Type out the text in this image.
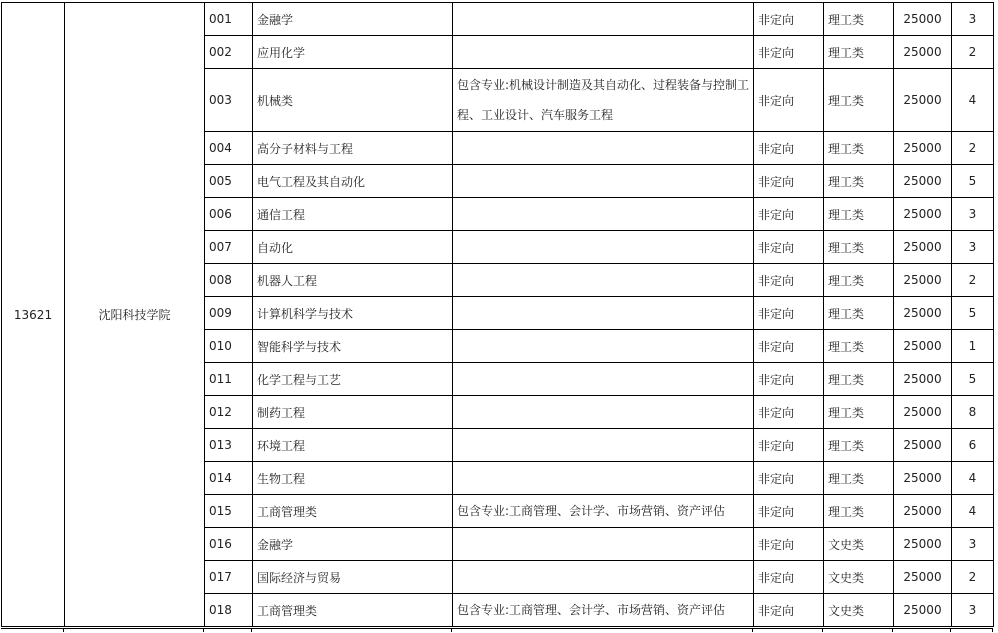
13621	沈阳科技学院	001	金融学		非定向	理工类	25000	3
		002	应用化学		非定向	理工类	25000	2
		003	机械类	包含专业:机械设计制造及其自动化、过程装备与控制工程、工业设计、汽车服务工程	非定向	理工类	25000	4
		004	高分子材料与工程		非定向	理工类	25000	2
		005	电气工程及其自动化		非定向	理工类	25000	5
		006	通信工程		非定向	理工类	25000	3
		007	自动化		非定向	理工类	25000	3
		008	机器人工程		非定向	理工类	25000	2
		009	计算机科学与技术		非定向	理工类	25000	5
		010	智能科学与技术		非定向	理工类	25000	1
		011	化学工程与工艺		非定向	理工类	25000	5
		012	制药工程		非定向	理工类	25000	8
		013	环境工程		非定向	理工类	25000	6
		014	生物工程		非定向	理工类	25000	4
		015	工商管理类	包含专业:工商管理、会计学、市场营销、资产评估	非定向	理工类	25000	4
		016	金融学		非定向	文史类	25000	3
		017	国际经济与贸易		非定向	文史类	25000	2
		018	工商管理类	包含专业:工商管理、会计学、市场营销、资产评估	非定向	文史类	25000	3
